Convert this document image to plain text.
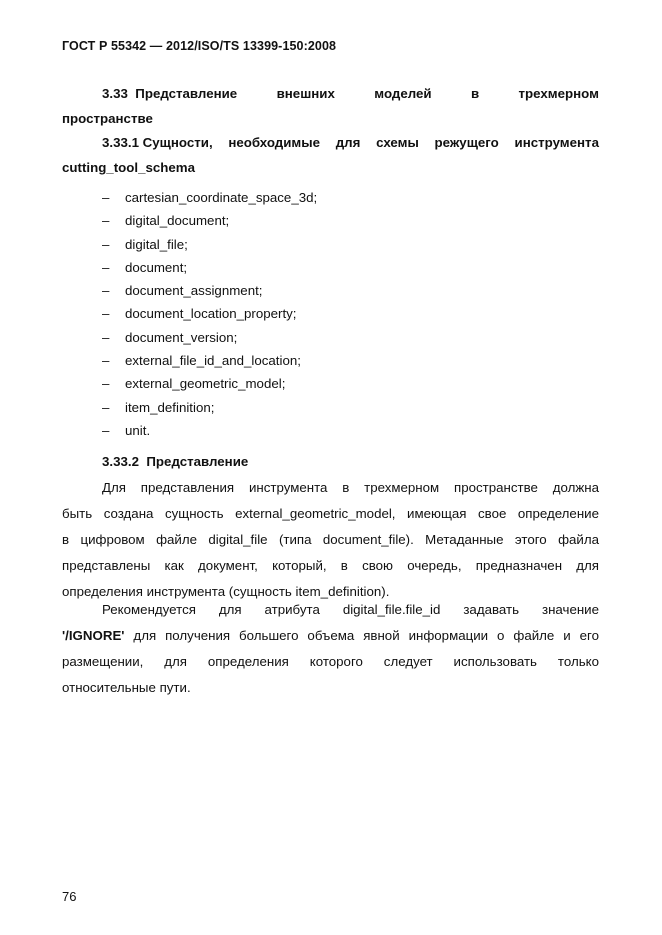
ГОСТ Р 55342 — 2012/ISO/TS 13399-150:2008
3.33 Представление	внешних	моделей	в	трехмерном
пространстве
3.33.1 Сущности, необходимые для схемы режущего инструмента
cutting_tool_schema
– cartesian_coordinate_space_3d;
– digital_document;
– digital_file;
– document;
– document_assignment;
– document_location_property;
– document_version;
– external_file_id_and_location;
– external_geometric_model;
– item_definition;
– unit.
3.33.2 Представление
Для представления инструмента в трехмерном пространстве должна
быть создана сущность external_geometric_model, имеющая свое определение
в цифровом файле digital_file (типа document_file). Метаданные этого файла
представлены как документ, который, в свою очередь, предназначен для
определения инструмента (сущность item_definition).
Рекомендуется для атрибута digital_file.file_id задавать значение
'/IGNORE' для получения большего объема явной информации о файле и его
размещении, для определения которого следует использовать только
относительные пути.
76
